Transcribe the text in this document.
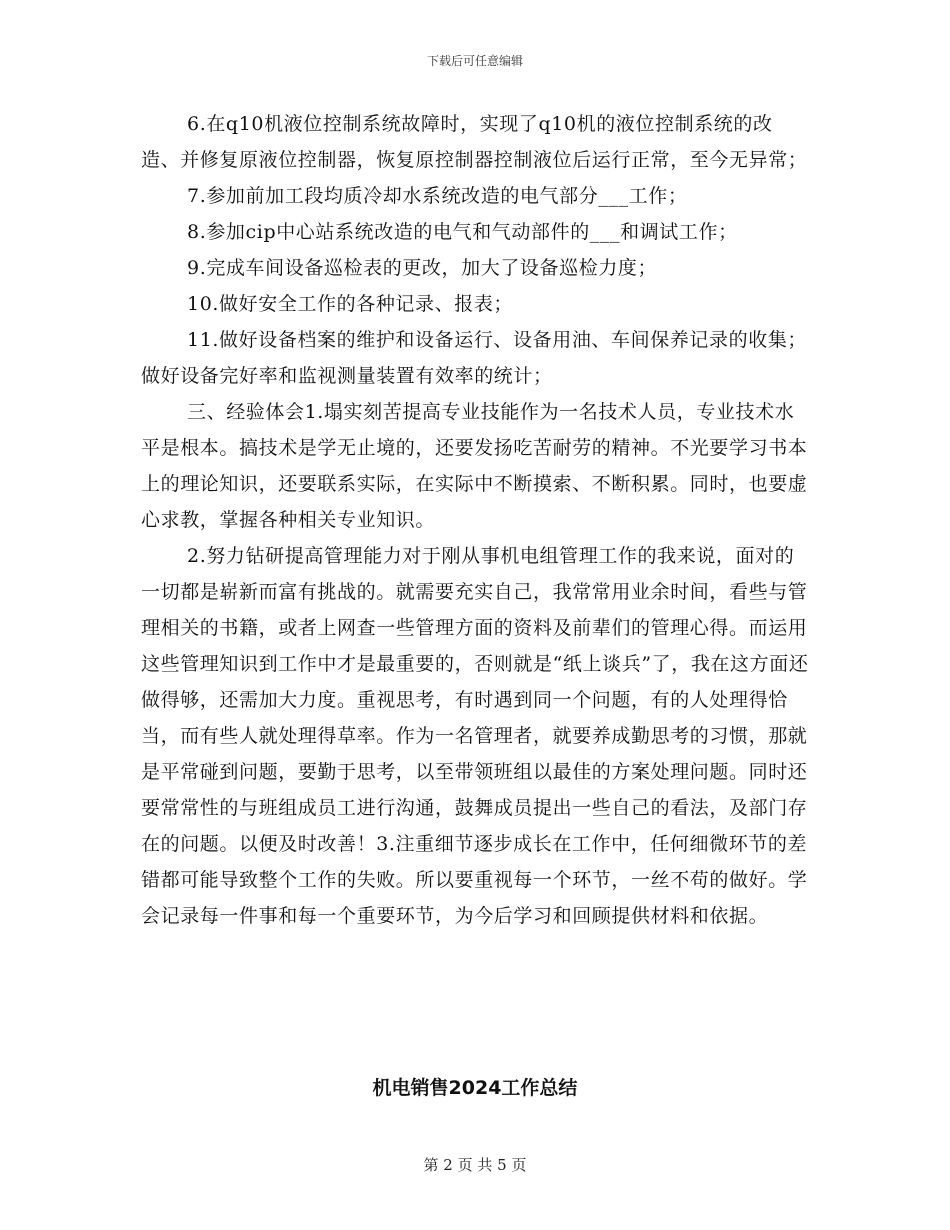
下载后可任意编辑

6.在q10机液位控制系统故障时，实现了q10机的液位控制系统的改造、并修复原液位控制器，恢复原控制器控制液位后运行正常，至今无异常；

7.参加前加工段均质冷却水系统改造的电气部分___工作；

8.参加cip中心站系统改造的电气和气动部件的___和调试工作；

9.完成车间设备巡检表的更改，加大了设备巡检力度；

10.做好安全工作的各种记录、报表；

11.做好设备档案的维护和设备运行、设备用油、车间保养记录的收集；做好设备完好率和监视测量装置有效率的统计；

三、经验体会1.塌实刻苦提高专业技能作为一名技术人员，专业技术水平是根本。搞技术是学无止境的，还要发扬吃苦耐劳的精神。不光要学习书本上的理论知识，还要联系实际，在实际中不断摸索、不断积累。同时，也要虚心求教，掌握各种相关专业知识。

2.努力钻研提高管理能力对于刚从事机电组管理工作的我来说，面对的一切都是崭新而富有挑战的。就需要充实自己，我常常用业余时间，看些与管理相关的书籍，或者上网查一些管理方面的资料及前辈们的管理心得。而运用这些管理知识到工作中才是最重要的，否则就是“纸上谈兵”了，我在这方面还做得够，还需加大力度。重视思考，有时遇到同一个问题，有的人处理得恰当，而有些人就处理得草率。作为一名管理者，就要养成勤思考的习惯，那就是平常碰到问题，要勤于思考，以至带领班组以最佳的方案处理问题。同时还要常常性的与班组成员工进行沟通，鼓舞成员提出一些自己的看法，及部门存在的问题。以便及时改善！3.注重细节逐步成长在工作中，任何细微环节的差错都可能导致整个工作的失败。所以要重视每一个环节，一丝不苟的做好。学会记录每一件事和每一个重要环节，为今后学习和回顾提供材料和依据。

机电销售2024工作总结
第 2 页 共 5 页
